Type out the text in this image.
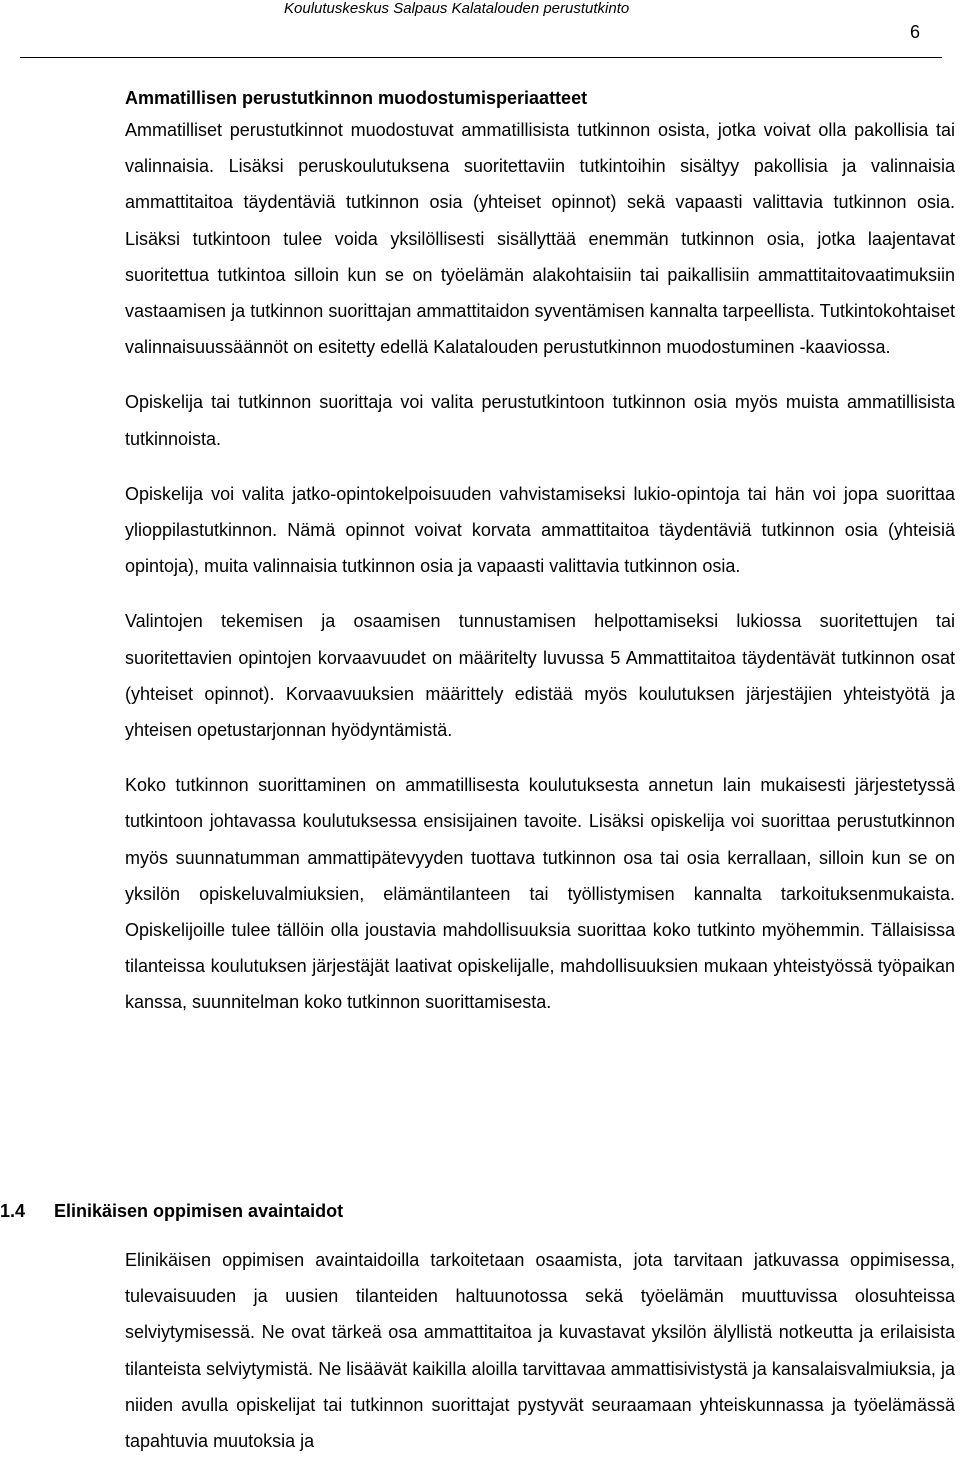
Koulutuskeskus Salpaus Kalatalouden perustutkinto
6
Ammatillisen perustutkinnon muodostumisperiaatteet

Ammatilliset perustutkinnot muodostuvat ammatillisista tutkinnon osista, jotka voivat olla pakollisia tai valinnaisia. Lisäksi peruskoulutuksena suoritettaviin tutkintoihin sisältyy pakollisia ja valinnaisia ammattitaitoa täydentäviä tutkinnon osia (yhteiset opinnot) sekä vapaasti valittavia tutkinnon osia. Lisäksi tutkintoon tulee voida yksilöllisesti sisällyttää enemmän tutkinnon osia, jotka laajentavat suoritettua tutkintoa silloin kun se on työelämän alakohtaisiin tai paikallisiin ammattitaitovaatimuksiin vastaamisen ja tutkinnon suorittajan ammattitaidon syventämisen kannalta tarpeellista. Tutkintokohtaiset valinnaisuussäännöt on esitetty edellä Kalatalouden perustutkinnon muodostuminen -kaaviossa.

Opiskelija tai tutkinnon suorittaja voi valita perustutkintoon tutkinnon osia myös muista ammatillisista tutkinnoista.

Opiskelija voi valita jatko-opintokelpoisuuden vahvistamiseksi lukio-opintoja tai hän voi jopa suorittaa ylioppilastutkinnon. Nämä opinnot voivat korvata ammattitaitoa täydentäviä tutkinnon osia (yhteisiä opintoja), muita valinnaisia tutkinnon osia ja vapaasti valittavia tutkinnon osia.

Valintojen tekemisen ja osaamisen tunnustamisen helpottamiseksi lukiossa suoritettujen tai suoritettavien opintojen korvaavuudet on määritelty luvussa 5 Ammattitaitoa täydentävät tutkinnon osat (yhteiset opinnot). Korvaavuuksien määrittely edistää myös koulutuksen järjestäjien yhteistyötä ja yhteisen opetustarjonnan hyödyntämistä.

Koko tutkinnon suorittaminen on ammatillisesta koulutuksesta annetun lain mukaisesti järjestetyssä tutkintoon johtavassa koulutuksessa ensisijainen tavoite. Lisäksi opiskelija voi suorittaa perustutkinnon myös suunnatumman ammattipätevyyden tuottava tutkinnon osa tai osia kerrallaan, silloin kun se on yksilön opiskeluvalmiuksien, elämäntilanteen tai työllistymisen kannalta tarkoituksenmukaista. Opiskelijoille tulee tällöin olla joustavia mahdollisuuksia suorittaa koko tutkinto myöhemmin. Tällaisissa tilanteissa koulutuksen järjestäjät laativat opiskelijalle, mahdollisuuksien mukaan yhteistyössä työpaikan kanssa, suunnitelman koko tutkinnon suorittamisesta.

1.4 Elinikäisen oppimisen avaintaidot

Elinikäisen oppimisen avaintaidoilla tarkoitetaan osaamista, jota tarvitaan jatkuvassa oppimisessa, tulevaisuuden ja uusien tilanteiden haltuunotossa sekä työelämän muuttuvissa olosuhteissa selviytymisessä. Ne ovat tärkeä osa ammattitaitoa ja kuvastavat yksilön älyllistä notkeutta ja erilaisista tilanteista selviytymistä. Ne lisäävät kaikilla aloilla tarvittavaa ammattisivistystä ja kansalaisvalmiuksia, ja niiden avulla opiskelijat tai tutkinnon suorittajat pystyvät seuraamaan yhteiskunnassa ja työelämässä tapahtuvia muutoksia ja
